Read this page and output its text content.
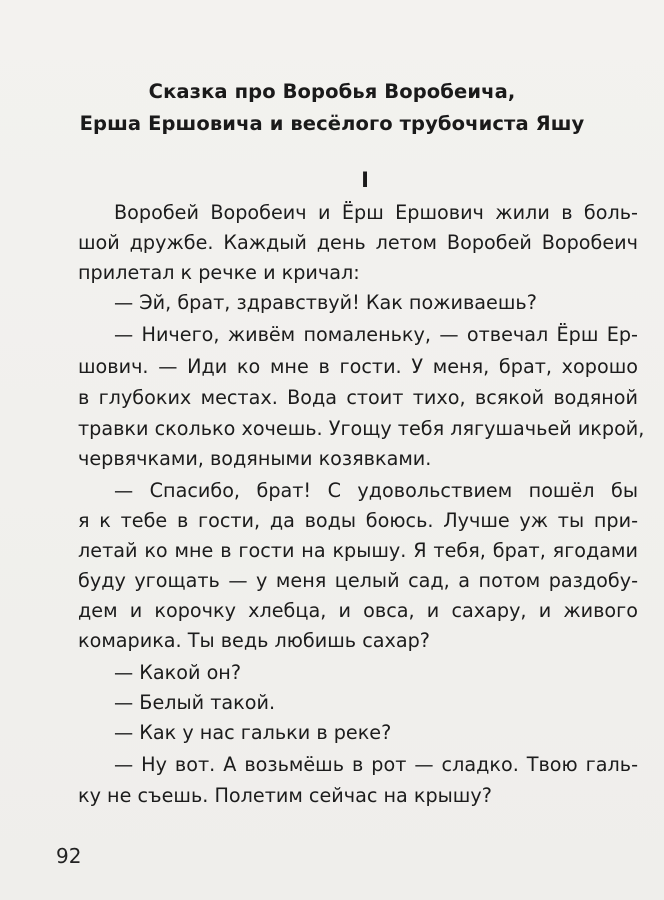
Сказка про Воробья Воробеича,
Ерша Ершовича и весёлого трубочиста Яшу
I
Воробей Воробеич и Ёрш Ершович жили в боль-
шой дружбе. Каждый день летом Воробей Воробеич
прилетал к речке и кричал:
— Эй, брат, здравствуй! Как поживаешь?
— Ничего, живём помаленьку, — отвечал Ёрш Ер-
шович. — Иди ко мне в гости. У меня, брат, хорошо
в глубоких местах. Вода стоит тихо, всякой водяной
травки сколько хочешь. Угощу тебя лягушачьей икрой,
червячками, водяными козявками.
— Спасибо, брат! С удовольствием пошёл бы
я к тебе в гости, да воды боюсь. Лучше уж ты при-
летай ко мне в гости на крышу. Я тебя, брат, ягодами
буду угощать — у меня целый сад, а потом раздобу-
дем и корочку хлебца, и овса, и сахару, и живого
комарика. Ты ведь любишь сахар?
— Какой он?
— Белый такой.
— Как у нас гальки в реке?
— Ну вот. А возьмёшь в рот — сладко. Твою галь-
ку не съешь. Полетим сейчас на крышу?
92
